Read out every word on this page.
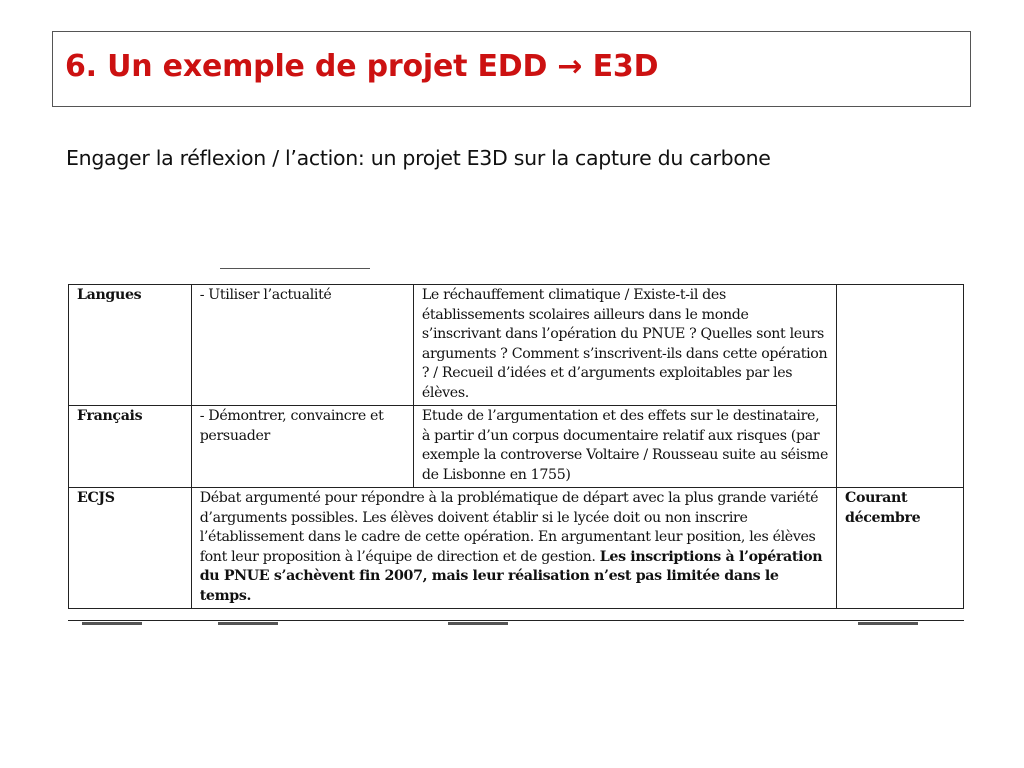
6. Un exemple de projet EDD → E3D

Engager la réflexion / l’action: un projet E3D sur la capture du carbone

Langues	- Utiliser l’actualité	Le réchauffement climatique / Existe-t-il des établissements scolaires ailleurs dans le monde s’inscrivant dans l’opération du PNUE ? Quelles sont leurs arguments ? Comment s’inscrivent-ils dans cette opération ? / Recueil d’idées et d’arguments exploitables par les élèves.	
Français	- Démontrer, convaincre et persuader	Etude de l’argumentation et des effets sur le destinataire, à partir d’un corpus documentaire relatif aux risques (par exemple la controverse Voltaire / Rousseau suite au séisme de Lisbonne en 1755)	
ECJS	Débat argumenté pour répondre à la problématique de départ avec la plus grande variété d’arguments possibles. Les élèves doivent établir si le lycée doit ou non inscrire l’établissement dans le cadre de cette opération. En argumentant leur position, les élèves font leur proposition à l’équipe de direction et de gestion. Les inscriptions à l’opération du PNUE s’achèvent fin 2007, mais leur réalisation n’est pas limitée dans le temps.		Courant décembre
